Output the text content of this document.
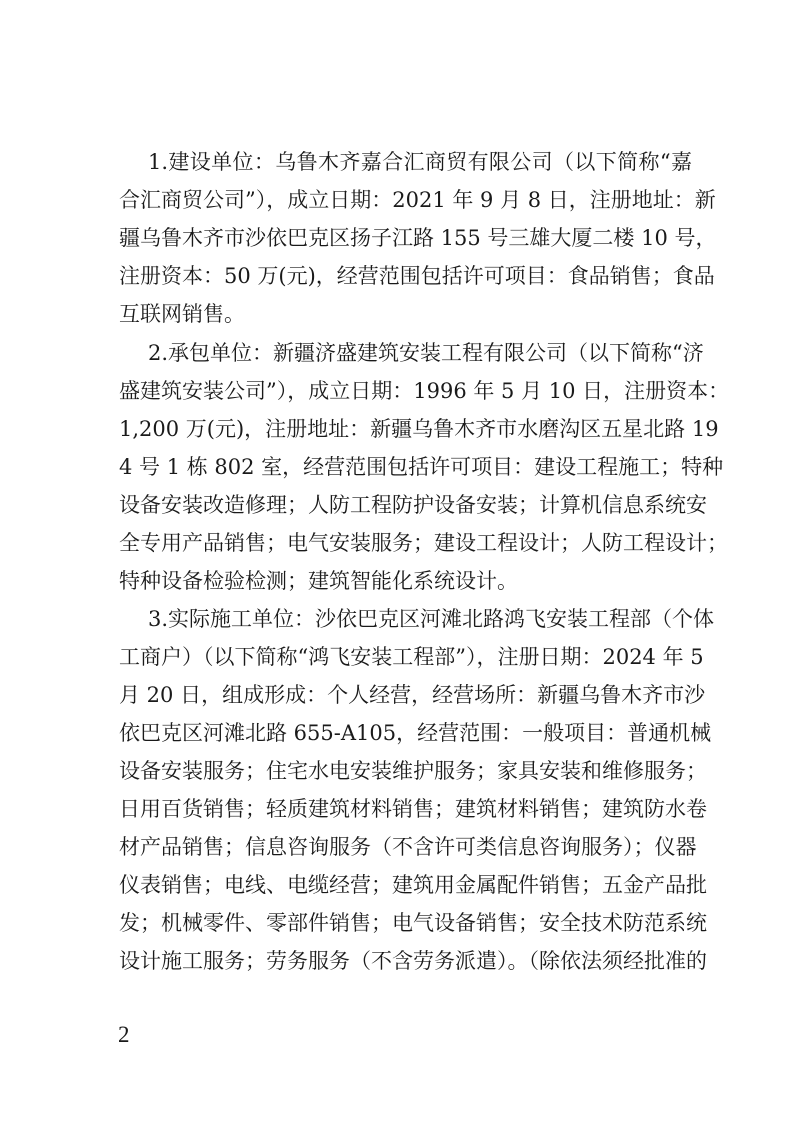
1.建设单位：乌鲁木齐嘉合汇商贸有限公司（以下简称“嘉
合汇商贸公司”），成立日期：2021 年 9 月 8 日，注册地址：新
疆乌鲁木齐市沙依巴克区扬子江路 155 号三雄大厦二楼 10 号，
注册资本：50 万(元)，经营范围包括许可项目：食品销售；食品
互联网销售。
2.承包单位：新疆济盛建筑安装工程有限公司（以下简称“济
盛建筑安装公司”），成立日期：1996 年 5 月 10 日，注册资本：
1,200 万(元)，注册地址：新疆乌鲁木齐市水磨沟区五星北路 19
4 号 1 栋 802 室，经营范围包括许可项目：建设工程施工；特种
设备安装改造修理；人防工程防护设备安装；计算机信息系统安
全专用产品销售；电气安装服务；建设工程设计；人防工程设计；
特种设备检验检测；建筑智能化系统设计。
3.实际施工单位：沙依巴克区河滩北路鸿飞安装工程部（个体
工商户）（以下简称“鸿飞安装工程部”），注册日期：2024 年 5
月 20 日，组成形成：个人经营，经营场所：新疆乌鲁木齐市沙
依巴克区河滩北路 655-A105，经营范围：一般项目：普通机械
设备安装服务；住宅水电安装维护服务；家具安装和维修服务；
日用百货销售；轻质建筑材料销售；建筑材料销售；建筑防水卷
材产品销售；信息咨询服务（不含许可类信息咨询服务）；仪器
仪表销售；电线、电缆经营；建筑用金属配件销售；五金产品批
发；机械零件、零部件销售；电气设备销售；安全技术防范系统
设计施工服务；劳务服务（不含劳务派遣）。（除依法须经批准的
2
